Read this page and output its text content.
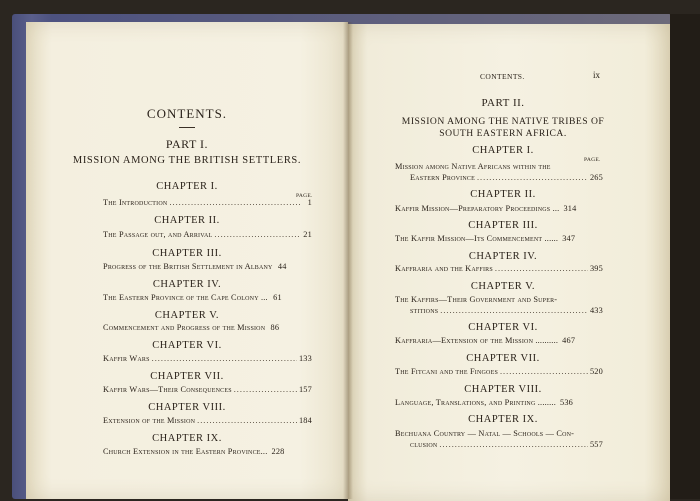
CONTENTS.
PART I.
MISSION AMONG THE BRITISH SETTLERS.
CHAPTER I.
PAGE.
The Introduction .....	1
CHAPTER II.
The Passage out, and Arrival .....	21
CHAPTER III.
Progress of the British Settlement in Albany 44
CHAPTER IV.
The Eastern Province of the Cape Colony ... 61
CHAPTER V.
Commencement and Progress of the Mission 86
CHAPTER VI.
Kaffir Wars .....	133
CHAPTER VII.
Kaffir Wars—Their Consequences .....	157
CHAPTER VIII.
Extension of the Mission .....	184
CHAPTER IX.
Church Extension in the Eastern Province... 228
CONTENTS.	ix
PART II.
MISSION AMONG THE NATIVE TRIBES OF
SOUTH EASTERN AFRICA.
CHAPTER I.
PAGE.
Mission among Native Africans within the
Eastern Province .....	265
CHAPTER II.
Kaffir Mission—Preparatory Proceedings ... 314
CHAPTER III.
The Kaffir Mission—Its Commencement ...... 347
CHAPTER IV.
Kaffraria and the Kaffirs .....	395
CHAPTER V.
The Kaffirs—Their Government and Super-
stitions .....	433
CHAPTER VI.
Kaffraria—Extension of the Mission .......... 467
CHAPTER VII.
The Fitcani and the Fingoes .....	520
CHAPTER VIII.
Language, Translations, and Printing ........ 536
CHAPTER IX.
Bechuana Country — Natal — Schools — Con-
clusion .....	557
